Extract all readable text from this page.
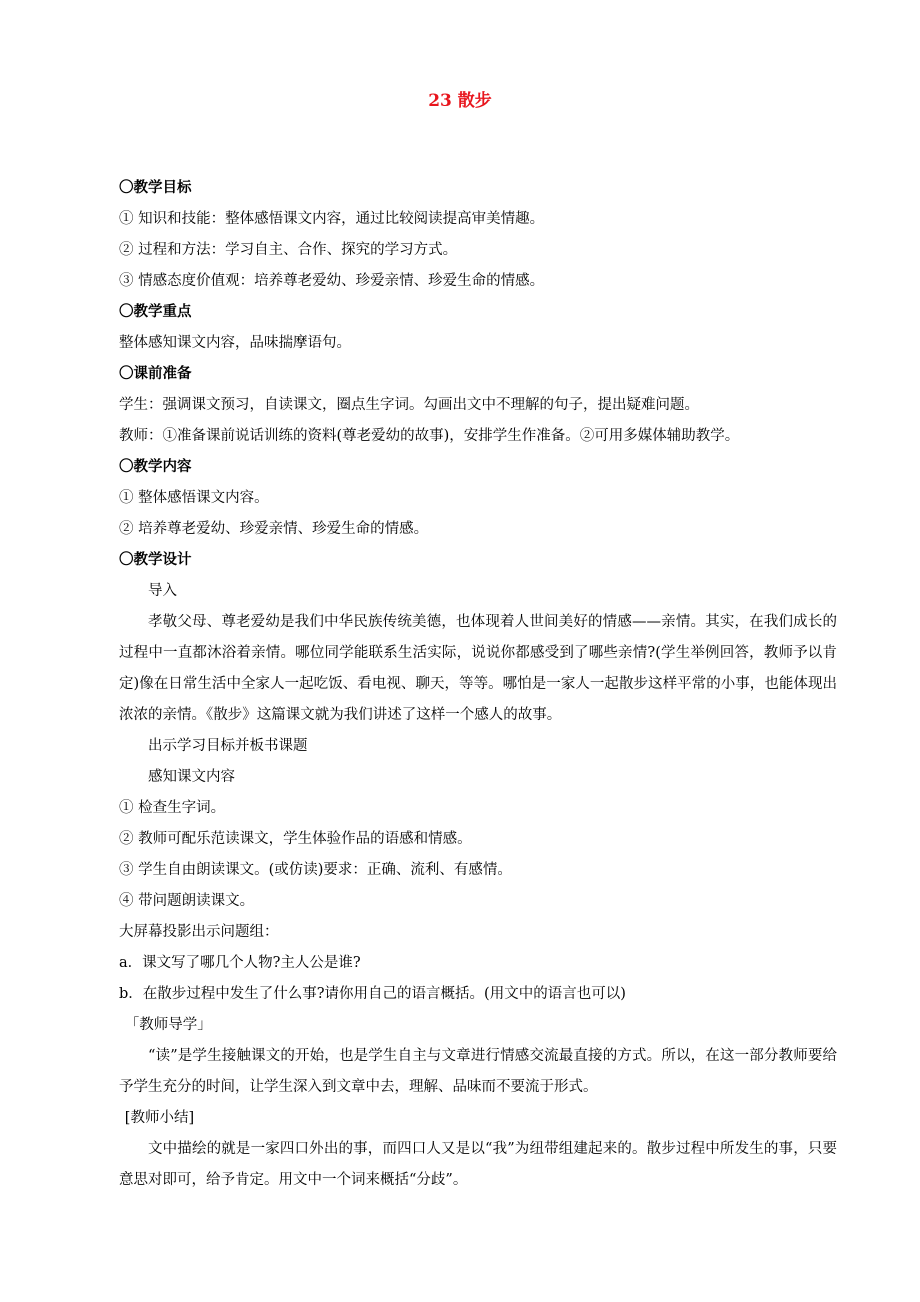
23 散步

〇教学目标

① 知识和技能：整体感悟课文内容，通过比较阅读提高审美情趣。

② 过程和方法：学习自主、合作、探究的学习方式。

③ 情感态度价值观：培养尊老爱幼、珍爱亲情、珍爱生命的情感。

〇教学重点

整体感知课文内容，品味揣摩语句。

〇课前准备

学生：强调课文预习，自读课文，圈点生字词。勾画出文中不理解的句子，提出疑难问题。

教师：①准备课前说话训练的资料(尊老爱幼的故事)，安排学生作准备。②可用多媒体辅助教学。

〇教学内容

① 整体感悟课文内容。

② 培养尊老爱幼、珍爱亲情、珍爱生命的情感。

〇教学设计

导入

孝敬父母、尊老爱幼是我们中华民族传统美德，也体现着人世间美好的情感——亲情。其实，在我们成长的过程中一直都沐浴着亲情。哪位同学能联系生活实际，说说你都感受到了哪些亲情?(学生举例回答，教师予以肯定)像在日常生活中全家人一起吃饭、看电视、聊天，等等。哪怕是一家人一起散步这样平常的小事，也能体现出浓浓的亲情。《散步》这篇课文就为我们讲述了这样一个感人的故事。

出示学习目标并板书课题

感知课文内容

① 检查生字词。

② 教师可配乐范读课文，学生体验作品的语感和情感。

③ 学生自由朗读课文。(或仿读)要求：正确、流利、有感情。

④ 带问题朗读课文。

大屏幕投影出示问题组：

a．课文写了哪几个人物?主人公是谁?

b．在散步过程中发生了什么事?请你用自己的语言概括。(用文中的语言也可以)

「教师导学」

“读”是学生接触课文的开始，也是学生自主与文章进行情感交流最直接的方式。所以，在这一部分教师要给予学生充分的时间，让学生深入到文章中去，理解、品味而不要流于形式。

[教师小结]

文中描绘的就是一家四口外出的事，而四口人又是以“我”为纽带组建起来的。散步过程中所发生的事，只要意思对即可，给予肯定。用文中一个词来概括“分歧”。
